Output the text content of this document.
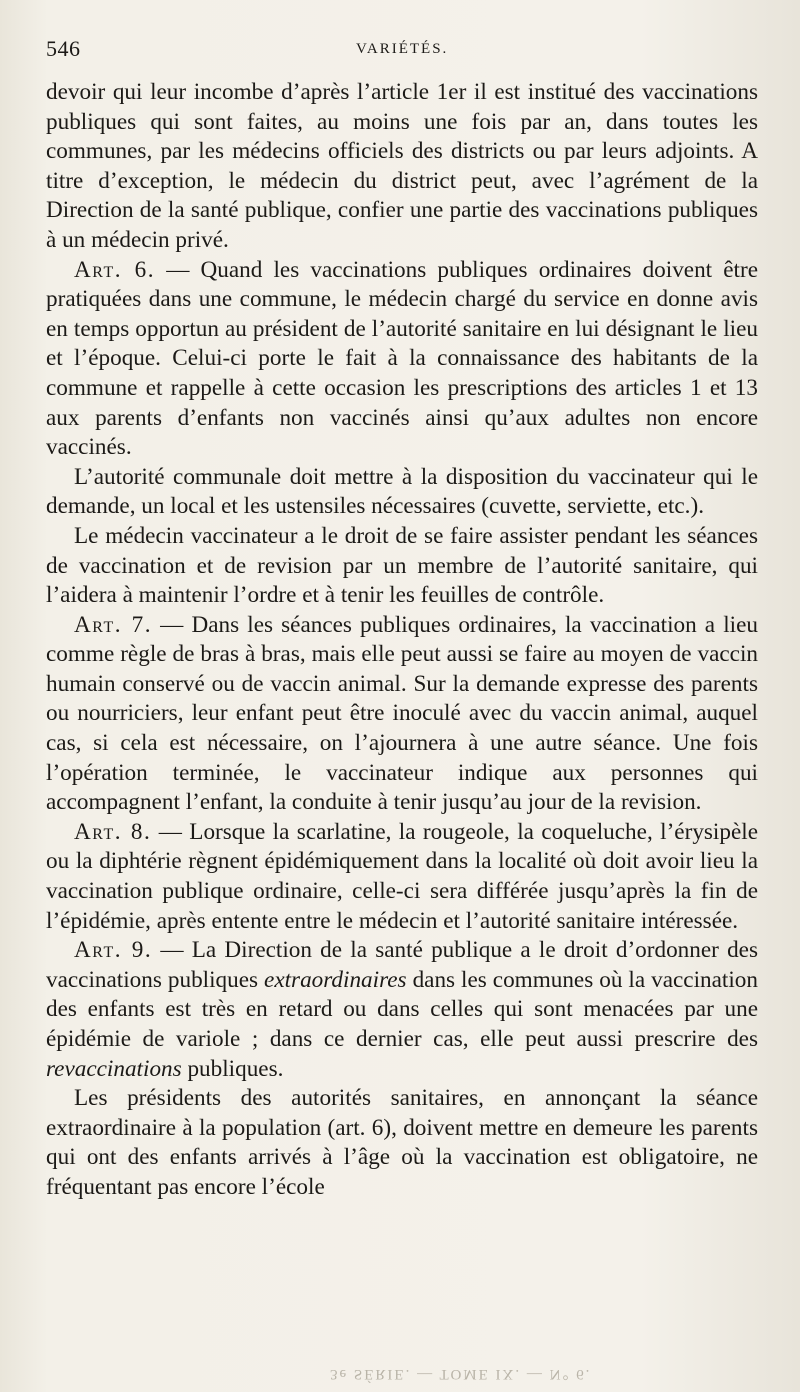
546	VARIÉTÉS.

devoir qui leur incombe d’après l’article 1er il est institué des vaccinations publiques qui sont faites, au moins une fois par an, dans toutes les communes, par les médecins officiels des districts ou par leurs adjoints. A titre d’exception, le médecin du district peut, avec l’agrément de la Direction de la santé publique, confier une partie des vaccinations publiques à un médecin privé.

Art. 6. — Quand les vaccinations publiques ordinaires doivent être pratiquées dans une commune, le médecin chargé du service en donne avis en temps opportun au président de l’autorité sanitaire en lui désignant le lieu et l’époque. Celui-ci porte le fait à la connaissance des habitants de la commune et rappelle à cette occasion les prescriptions des articles 1 et 13 aux parents d’enfants non vaccinés ainsi qu’aux adultes non encore vaccinés.

L’autorité communale doit mettre à la disposition du vaccinateur qui le demande, un local et les ustensiles nécessaires (cuvette, serviette, etc.).

Le médecin vaccinateur a le droit de se faire assister pendant les séances de vaccination et de revision par un membre de l’autorité sanitaire, qui l’aidera à maintenir l’ordre et à tenir les feuilles de contrôle.

Art. 7. — Dans les séances publiques ordinaires, la vaccination a lieu comme règle de bras à bras, mais elle peut aussi se faire au moyen de vaccin humain conservé ou de vaccin animal. Sur la demande expresse des parents ou nourriciers, leur enfant peut être inoculé avec du vaccin animal, auquel cas, si cela est nécessaire, on l’ajournera à une autre séance. Une fois l’opération terminée, le vaccinateur indique aux personnes qui accompagnent l’enfant, la conduite à tenir jusqu’au jour de la revision.

Art. 8. — Lorsque la scarlatine, la rougeole, la coqueluche, l’érysipèle ou la diphtérie règnent épidémiquement dans la localité où doit avoir lieu la vaccination publique ordinaire, celle-ci sera différée jusqu’après la fin de l’épidémie, après entente entre le médecin et l’autorité sanitaire intéressée.

Art. 9. — La Direction de la santé publique a le droit d’ordonner des vaccinations publiques extraordinaires dans les communes où la vaccination des enfants est très en retard ou dans celles qui sont menacées par une épidémie de variole ; dans ce dernier cas, elle peut aussi prescrire des revaccinations publiques.

Les présidents des autorités sanitaires, en annonçant la séance extraordinaire à la population (art. 6), doivent mettre en demeure les parents qui ont des enfants arrivés à l’âge où la vaccination est obligatoire, ne fréquentant pas encore l’école

3e SÉRIE. — TOME IX. — N° 6.
